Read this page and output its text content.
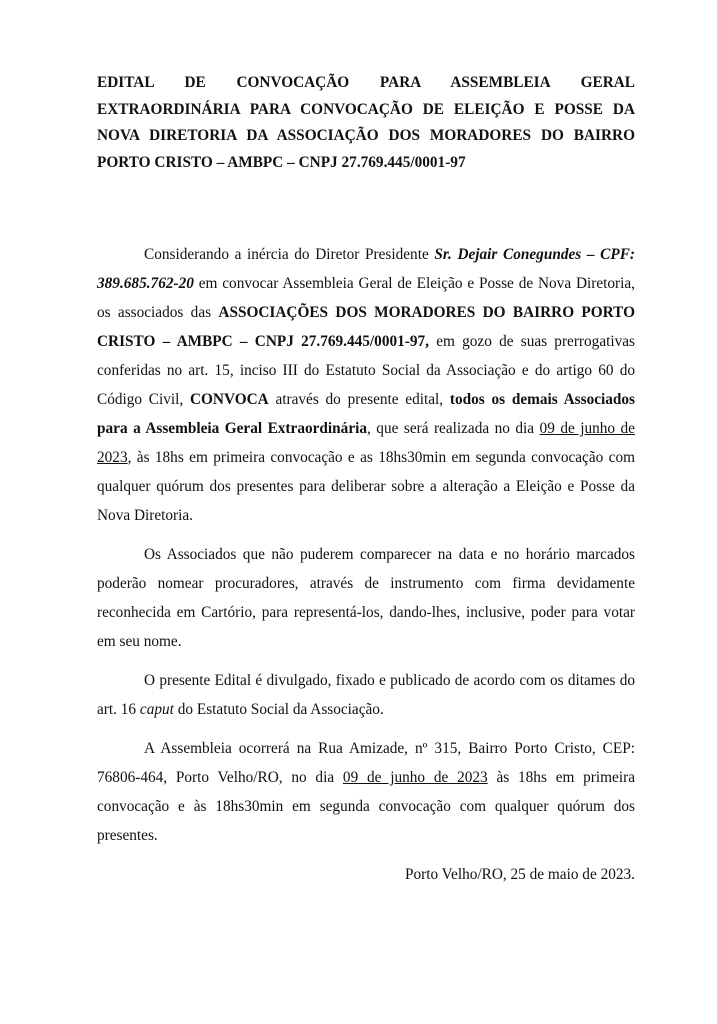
EDITAL DE CONVOCAÇÃO PARA ASSEMBLEIA GERAL EXTRAORDINÁRIA PARA CONVOCAÇÃO DE ELEIÇÃO E POSSE DA NOVA DIRETORIA DA ASSOCIAÇÃO DOS MORADORES DO BAIRRO PORTO CRISTO – AMBPC – CNPJ 27.769.445/0001-97

Considerando a inércia do Diretor Presidente Sr. Dejair Conegundes – CPF: 389.685.762-20 em convocar Assembleia Geral de Eleição e Posse de Nova Diretoria, os associados das ASSOCIAÇÕES DOS MORADORES DO BAIRRO PORTO CRISTO – AMBPC – CNPJ 27.769.445/0001-97, em gozo de suas prerrogativas conferidas no art. 15, inciso III do Estatuto Social da Associação e do artigo 60 do Código Civil, CONVOCA através do presente edital, todos os demais Associados para a Assembleia Geral Extraordinária, que será realizada no dia 09 de junho de 2023, às 18hs em primeira convocação e as 18hs30min em segunda convocação com qualquer quórum dos presentes para deliberar sobre a alteração a Eleição e Posse da Nova Diretoria.

Os Associados que não puderem comparecer na data e no horário marcados poderão nomear procuradores, através de instrumento com firma devidamente reconhecida em Cartório, para representá-los, dando-lhes, inclusive, poder para votar em seu nome.

O presente Edital é divulgado, fixado e publicado de acordo com os ditames do art. 16 caput do Estatuto Social da Associação.

A Assembleia ocorrerá na Rua Amizade, nº 315, Bairro Porto Cristo, CEP: 76806-464, Porto Velho/RO, no dia 09 de junho de 2023 às 18hs em primeira convocação e às 18hs30min em segunda convocação com qualquer quórum dos presentes.

Porto Velho/RO, 25 de maio de 2023.
